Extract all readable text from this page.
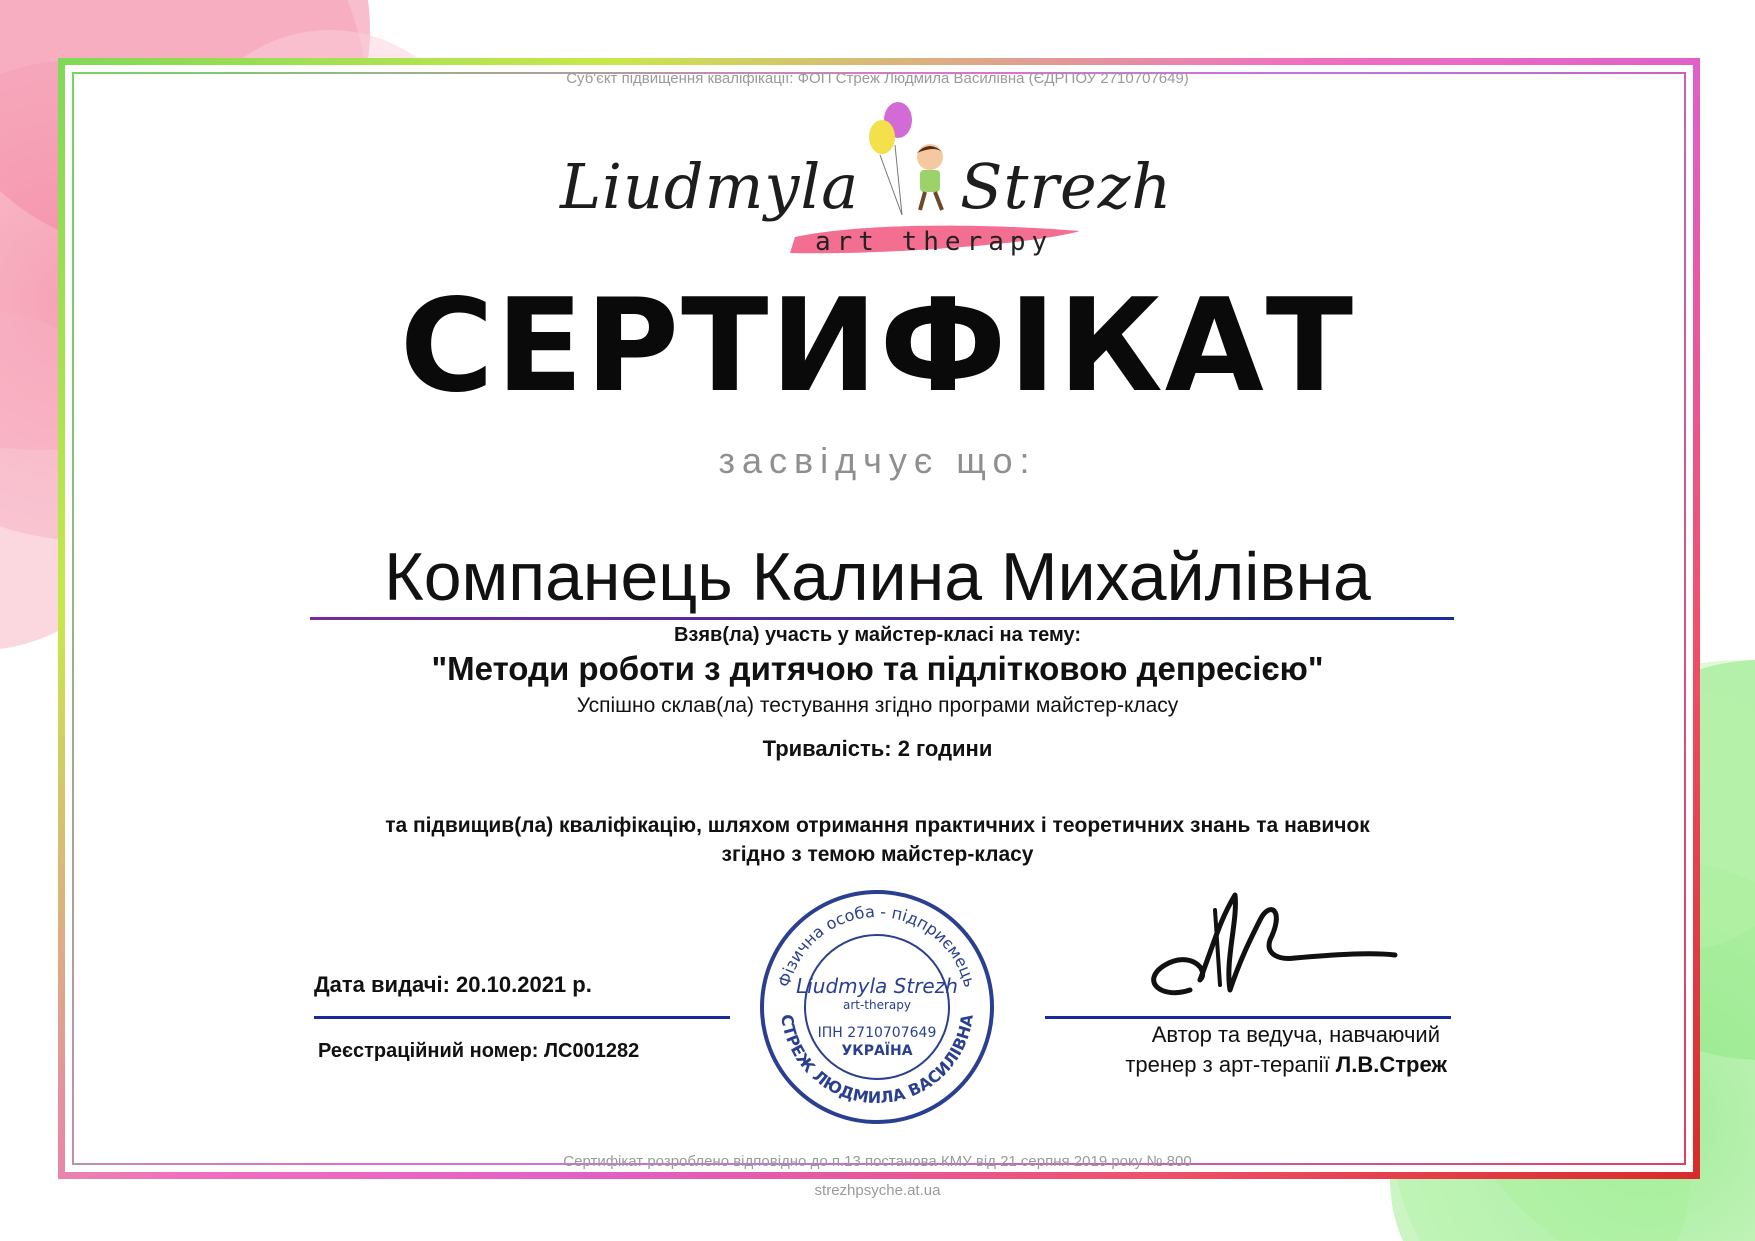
Суб'єкт підвищення кваліфікації: ФОП Стреж Людмила Василівна (ЄДРПОУ 2710707649)
Liudmyla Strezh
art therapy
СЕРТИФІКАТ
засвідчує що:
Компанець Калина Михайлівна
Взяв(ла) участь у майстер-класі на тему:
"Методи роботи з дитячою та підлітковою депресією"
Успішно склав(ла) тестування згідно програми майстер-класу
Тривалість: 2 години
та підвищив(ла) кваліфікацію, шляхом отримання практичних і теоретичних знань та навичок
згідно з темою майстер-класу
Дата видачі: 20.10.2021 р.
Реєстраційний номер: ЛС001282
Фізична особа - підприємець
СТРЕЖ ЛЮДМИЛА ВАСИЛІВНА
Liudmyla Strezh
art-therapy
ІПН 2710707649
УКРАЇНА
Автор та ведуча, навчаючий
тренер з арт-терапії Л.В.Стреж
Сертифікат розроблено відповідно до п.13 постанова КМУ від 21 серпня 2019 року № 800
strezhpsyche.at.ua
